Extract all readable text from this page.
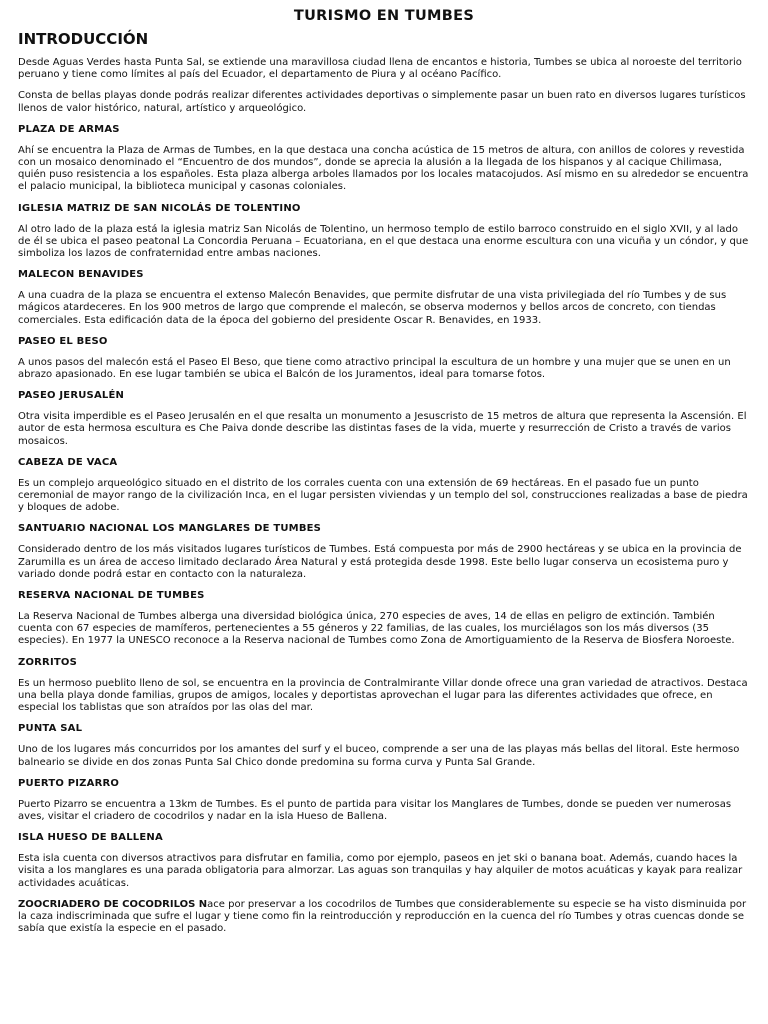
TURISMO EN TUMBES
INTRODUCCIÓN

Desde Aguas Verdes hasta Punta Sal, se extiende una maravillosa ciudad llena de encantos e historia, Tumbes se ubica al noroeste del territorio peruano y tiene como límites al país del Ecuador, el departamento de Piura y al océano Pacífico.

Consta de bellas playas donde podrás realizar diferentes actividades deportivas o simplemente pasar un buen rato en diversos lugares turísticos llenos de valor histórico, natural, artístico y arqueológico.

PLAZA DE ARMAS

Ahí se encuentra la Plaza de Armas de Tumbes, en la que destaca una concha acústica de 15 metros de altura, con anillos de colores y revestida con un mosaico denominado el “Encuentro de dos mundos”, donde se aprecia la alusión a la llegada de los hispanos y al cacique Chilimasa, quién puso resistencia a los españoles. Esta plaza alberga arboles llamados por los locales matacojudos. Así mismo en su alrededor se encuentra el palacio municipal, la biblioteca municipal y casonas coloniales.

IGLESIA MATRIZ DE SAN NICOLÁS DE TOLENTINO

Al otro lado de la plaza está la iglesia matriz San Nicolás de Tolentino, un hermoso templo de estilo barroco construido en el siglo XVII, y al lado de él se ubica el paseo peatonal La Concordia Peruana – Ecuatoriana, en el que destaca una enorme escultura con una vicuña y un cóndor, y que simboliza los lazos de confraternidad entre ambas naciones.

MALECON BENAVIDES

A una cuadra de la plaza se encuentra el extenso Malecón Benavides, que permite disfrutar de una vista privilegiada del río Tumbes y de sus mágicos atardeceres. En los 900 metros de largo que comprende el malecón, se observa modernos y bellos arcos de concreto, con tiendas comerciales. Esta edificación data de la época del gobierno del presidente Oscar R. Benavides, en 1933.

PASEO EL BESO

A unos pasos del malecón está el Paseo El Beso, que tiene como atractivo principal la escultura de un hombre y una mujer que se unen en un abrazo apasionado. En ese lugar también se ubica el Balcón de los Juramentos, ideal para tomarse fotos.

PASEO JERUSALÉN

Otra visita imperdible es el Paseo Jerusalén en el que resalta un monumento a Jesuscristo de 15 metros de altura que representa la Ascensión. El autor de esta hermosa escultura es Che Paiva donde describe las distintas fases de la vida, muerte y resurrección de Cristo a través de varios mosaicos.

CABEZA DE VACA

Es un complejo arqueológico situado en el distrito de los corrales cuenta con una extensión de 69 hectáreas. En el pasado fue un punto ceremonial de mayor rango de la civilización Inca, en el lugar persisten viviendas y un templo del sol, construcciones realizadas a base de piedra y bloques de adobe.

SANTUARIO NACIONAL LOS MANGLARES DE TUMBES

Considerado dentro de los más visitados lugares turísticos de Tumbes. Está compuesta por más de 2900 hectáreas y se ubica en la provincia de Zarumilla es un área de acceso limitado declarado Área Natural y está protegida desde 1998. Este bello lugar conserva un ecosistema puro y variado donde podrá estar en contacto con la naturaleza.

RESERVA NACIONAL DE TUMBES

La Reserva Nacional de Tumbes alberga una diversidad biológica única, 270 especies de aves, 14 de ellas en peligro de extinción. También cuenta con 67 especies de mamíferos, pertenecientes a 55 géneros y 22 familias, de las cuales, los murciélagos son los más diversos (35 especies). En 1977 la UNESCO reconoce a la Reserva nacional de Tumbes como Zona de Amortiguamiento de la Reserva de Biosfera Noroeste.

ZORRITOS

Es un hermoso pueblito lleno de sol, se encuentra en la provincia de Contralmirante Villar donde ofrece una gran variedad de atractivos. Destaca una bella playa donde familias, grupos de amigos, locales y deportistas aprovechan el lugar para las diferentes actividades que ofrece, en especial los tablistas que son atraídos por las olas del mar.

PUNTA SAL

Uno de los lugares más concurridos por los amantes del surf y el buceo, comprende a ser una de las playas más bellas del litoral. Este hermoso balneario se divide en dos zonas Punta Sal Chico donde predomina su forma curva y Punta Sal Grande.

PUERTO PIZARRO

Puerto Pizarro se encuentra a 13km de Tumbes. Es el punto de partida para visitar los Manglares de Tumbes, donde se pueden ver numerosas aves, visitar el criadero de cocodrilos y nadar en la isla Hueso de Ballena.

ISLA HUESO DE BALLENA

Esta isla cuenta con diversos atractivos para disfrutar en familia, como por ejemplo, paseos en jet ski o banana boat. Además, cuando haces la visita a los manglares es una parada obligatoria para almorzar. Las aguas son tranquilas y hay alquiler de motos acuáticas y kayak para realizar actividades acuáticas.

ZOOCRIADERO DE COCODRILOS Nace por preservar a los cocodrilos de Tumbes que considerablemente su especie se ha visto disminuida por la caza indiscriminada que sufre el lugar y tiene como fin la reintroducción y reproducción en la cuenca del río Tumbes y otras cuencas donde se sabía que existía la especie en el pasado.
